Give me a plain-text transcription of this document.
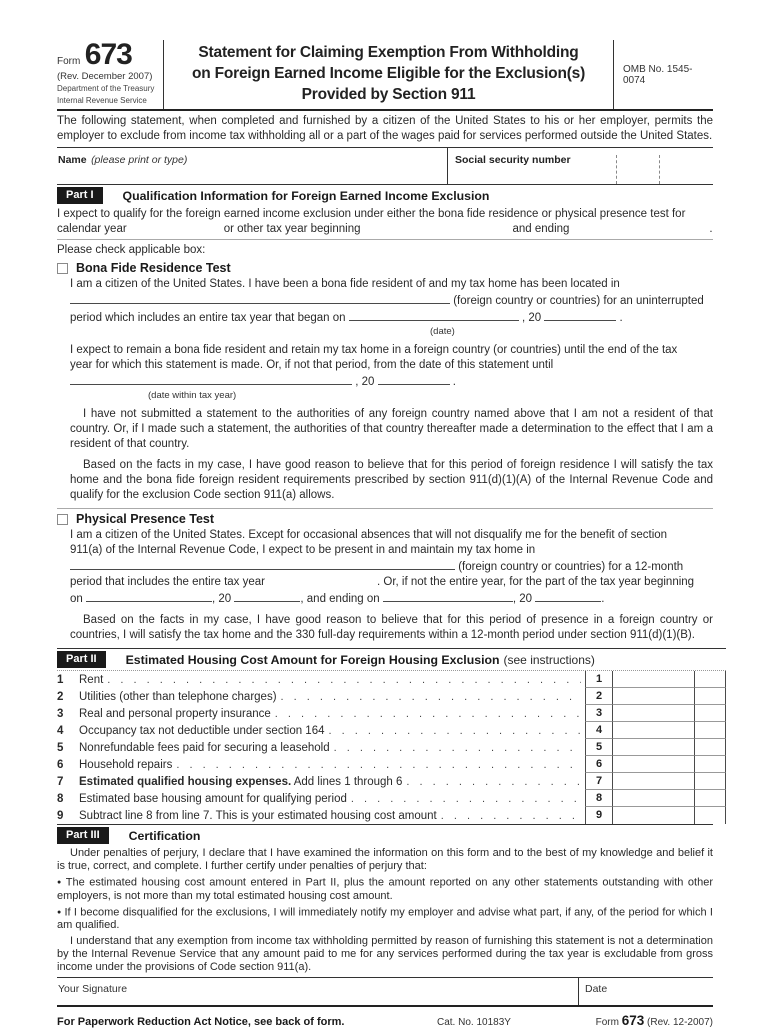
Form 673
(Rev. December 2007)
Department of the Treasury
Internal Revenue Service
Statement for Claiming Exemption From Withholding
on Foreign Earned Income Eligible for the Exclusion(s)
Provided by Section 911
OMB No. 1545-0074
The following statement, when completed and furnished by a citizen of the United States to his or her employer, permits the employer to exclude from income tax withholding all or a part of the wages paid for services performed outside the United States.
Name (please print or type)	Social security number
Part I	Qualification Information for Foreign Earned Income Exclusion
I expect to qualify for the foreign earned income exclusion under either the bona fide residence or physical presence test for
calendar year	or other tax year beginning	and ending	.
Please check applicable box:
Bona Fide Residence Test
I am a citizen of the United States. I have been a bona fide resident of and my tax home has been located in
(foreign country or countries) for an uninterrupted
period which includes an entire tax year that began on	, 20	.
(date)
I expect to remain a bona fide resident and retain my tax home in a foreign country (or countries) until the end of the tax
year for which this statement is made. Or, if not that period, from the date of this statement until
, 20	.
(date within tax year)
I have not submitted a statement to the authorities of any foreign country named above that I am not a resident of that country. Or, if I made such a statement, the authorities of that country thereafter made a determination to the effect that I am a resident of that country.
Based on the facts in my case, I have good reason to believe that for this period of foreign residence I will satisfy the tax home and the bona fide foreign resident requirements prescribed by section 911(d)(1)(A) of the Internal Revenue Code and qualify for the exclusion Code section 911(a) allows.
Physical Presence Test
I am a citizen of the United States. Except for occasional absences that will not disqualify me for the benefit of section
911(a) of the Internal Revenue Code, I expect to be present in and maintain my tax home in
(foreign country or countries) for a 12-month
period that includes the entire tax year	. Or, if not the entire year, for the part of the tax year beginning
on	, 20	, and ending on	, 20	.
Based on the facts in my case, I have good reason to believe that for this period of presence in a foreign country or countries, I will satisfy the tax home and the 330 full-day requirements within a 12-month period under section 911(d)(1)(B).
Part II	Estimated Housing Cost Amount for Foreign Housing Exclusion (see instructions)
1	Rent . . .	1
2	Utilities (other than telephone charges) . . .	2
3	Real and personal property insurance . . .	3
4	Occupancy tax not deductible under section 164 . . .	4
5	Nonrefundable fees paid for securing a leasehold . . .	5
6	Household repairs . . .	6
7	Estimated qualified housing expenses. Add lines 1 through 6 . . .	7
8	Estimated base housing amount for qualifying period . . .	8
9	Subtract line 8 from line 7. This is your estimated housing cost amount . . .	9
Part III	Certification
Under penalties of perjury, I declare that I have examined the information on this form and to the best of my knowledge and belief it is true, correct, and complete. I further certify under penalties of perjury that:
● The estimated housing cost amount entered in Part II, plus the amount reported on any other statements outstanding with other employers, is not more than my total estimated housing cost amount.
● If I become disqualified for the exclusions, I will immediately notify my employer and advise what part, if any, of the period for which I am qualified.
I understand that any exemption from income tax withholding permitted by reason of furnishing this statement is not a determination by the Internal Revenue Service that any amount paid to me for any services performed during the tax year is excludable from gross income under the provisions of Code section 911(a).
Your Signature	Date
For Paperwork Reduction Act Notice, see back of form.	Cat. No. 10183Y	Form 673 (Rev. 12-2007)
